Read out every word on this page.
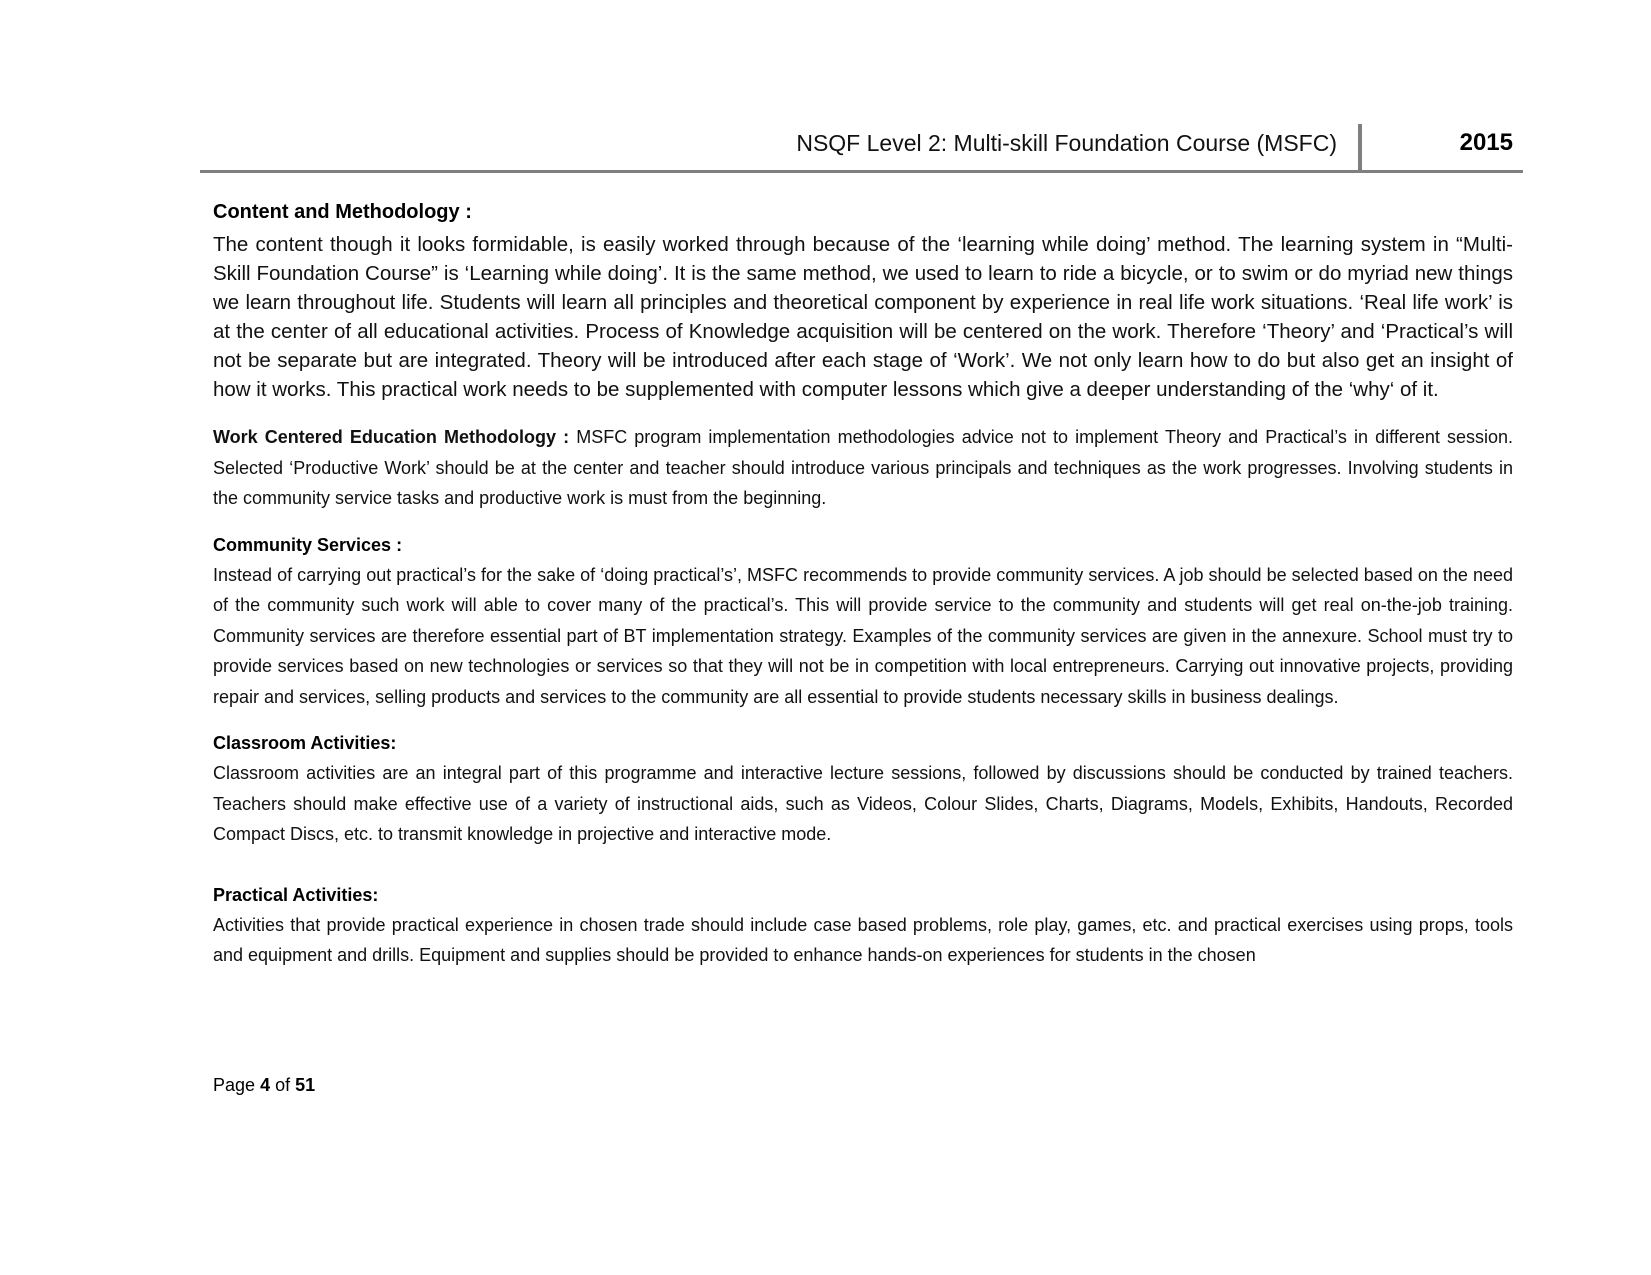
NSQF Level 2: Multi-skill Foundation Course (MSFC)	2015
Content and Methodology :

The content though it looks formidable, is easily worked through because of the ‘learning while doing’ method. The learning system in “Multi-Skill Foundation Course” is ‘Learning while doing’. It is the same method, we used to learn to ride a bicycle, or to swim or do myriad new things we learn throughout life. Students will learn all principles and theoretical component by experience in real life work situations. ‘Real life work’ is at the center of all educational activities. Process of Knowledge acquisition will be centered on the work. Therefore ‘Theory’ and ‘Practical’s will not be separate but are integrated. Theory will be introduced after each stage of ‘Work’. We not only learn how to do but also get an insight of how it works. This practical work needs to be supplemented with computer lessons which give a deeper understanding of the ‘why‘ of it.

Work Centered Education Methodology : MSFC program implementation methodologies advice not to implement Theory and Practical’s in different session. Selected ‘Productive Work’ should be at the center and teacher should introduce various principals and techniques as the work progresses. Involving students in the community service tasks and productive work is must from the beginning.

Community Services :

Instead of carrying out practical’s for the sake of ‘doing practical’s’, MSFC recommends to provide community services. A job should be selected based on the need of the community such work will able to cover many of the practical’s. This will provide service to the community and students will get real on-the-job training. Community services are therefore essential part of BT implementation strategy. Examples of the community services are given in the annexure. School must try to provide services based on new technologies or services so that they will not be in competition with local entrepreneurs. Carrying out innovative projects, providing repair and services, selling products and services to the community are all essential to provide students necessary skills in business dealings.

Classroom Activities:

Classroom activities are an integral part of this programme and interactive lecture sessions, followed by discussions should be conducted by trained teachers. Teachers should make effective use of a variety of instructional aids, such as Videos, Colour Slides, Charts, Diagrams, Models, Exhibits, Handouts, Recorded Compact Discs, etc. to transmit knowledge in projective and interactive mode.

Practical Activities:

Activities that provide practical experience in chosen trade should include case based problems, role play, games, etc. and practical exercises using props, tools and equipment and drills. Equipment and supplies should be provided to enhance hands-on experiences for students in the chosen

Page 4 of 51
